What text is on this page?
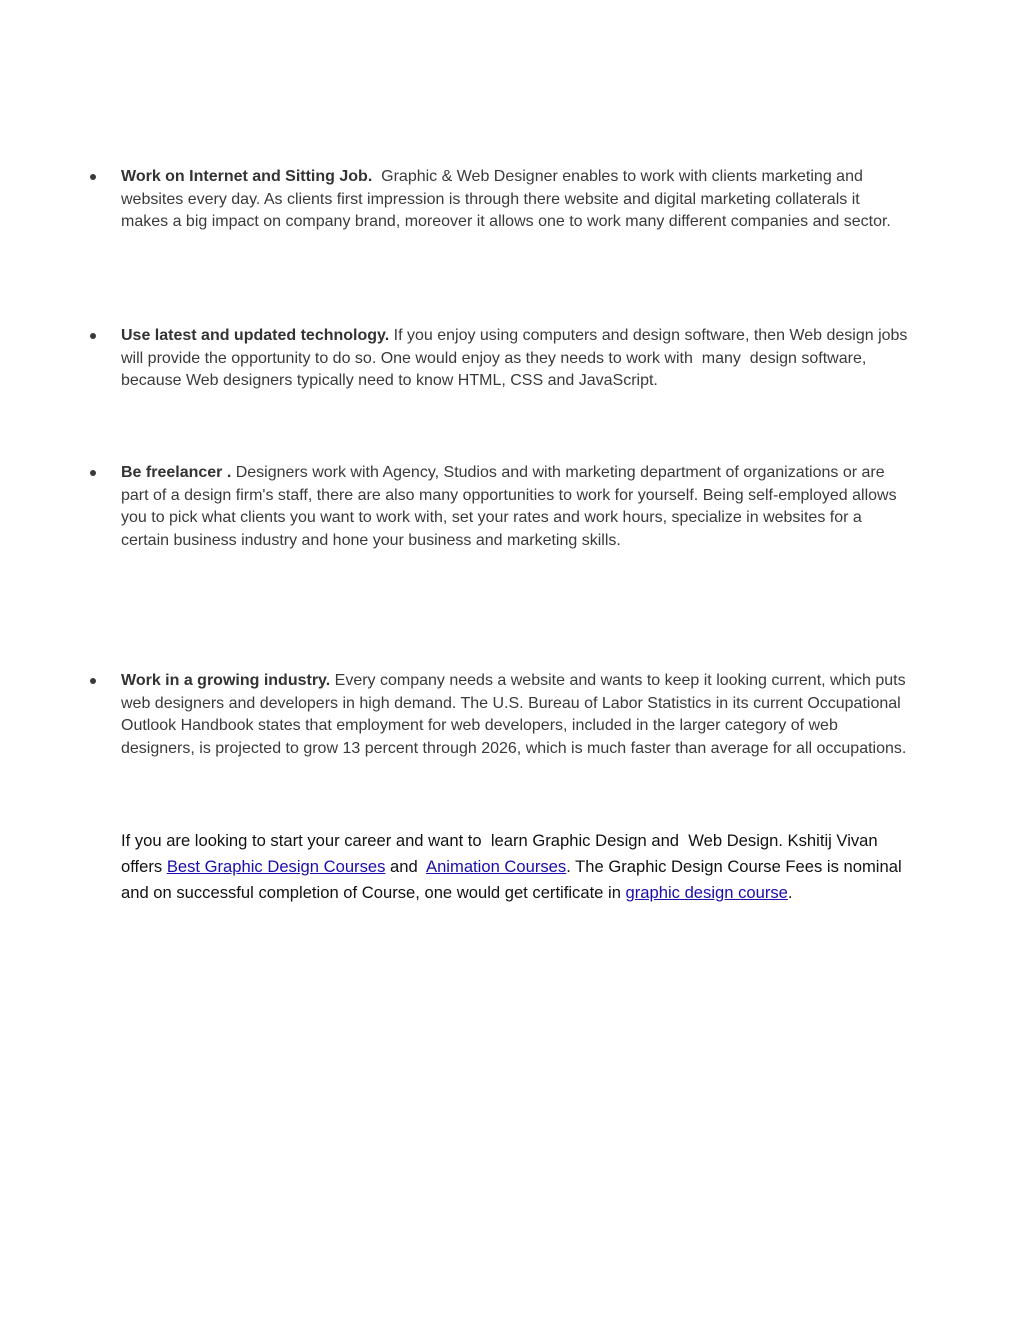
Work on Internet and Sitting Job.  Graphic & Web Designer enables to work with clients marketing and websites every day. As clients first impression is through there website and digital marketing collaterals it makes a big impact on company brand, moreover it allows one to work many different companies and sector.
Use latest and updated technology. If you enjoy using computers and design software, then Web design jobs will provide the opportunity to do so. One would enjoy as they needs to work with  many  design software, because Web designers typically need to know HTML, CSS and JavaScript.
Be freelancer . Designers work with Agency, Studios and with marketing department of organizations or are part of a design firm's staff, there are also many opportunities to work for yourself. Being self-employed allows you to pick what clients you want to work with, set your rates and work hours, specialize in websites for a certain business industry and hone your business and marketing skills.
Work in a growing industry. Every company needs a website and wants to keep it looking current, which puts web designers and developers in high demand. The U.S. Bureau of Labor Statistics in its current Occupational Outlook Handbook states that employment for web developers, included in the larger category of web designers, is projected to grow 13 percent through 2026, which is much faster than average for all occupations.

If you are looking to start your career and want to  learn Graphic Design and  Web Design. Kshitij Vivan offers Best Graphic Design Courses and  Animation Courses. The Graphic Design Course Fees is nominal and on successful completion of Course, one would get certificate in graphic design course.
